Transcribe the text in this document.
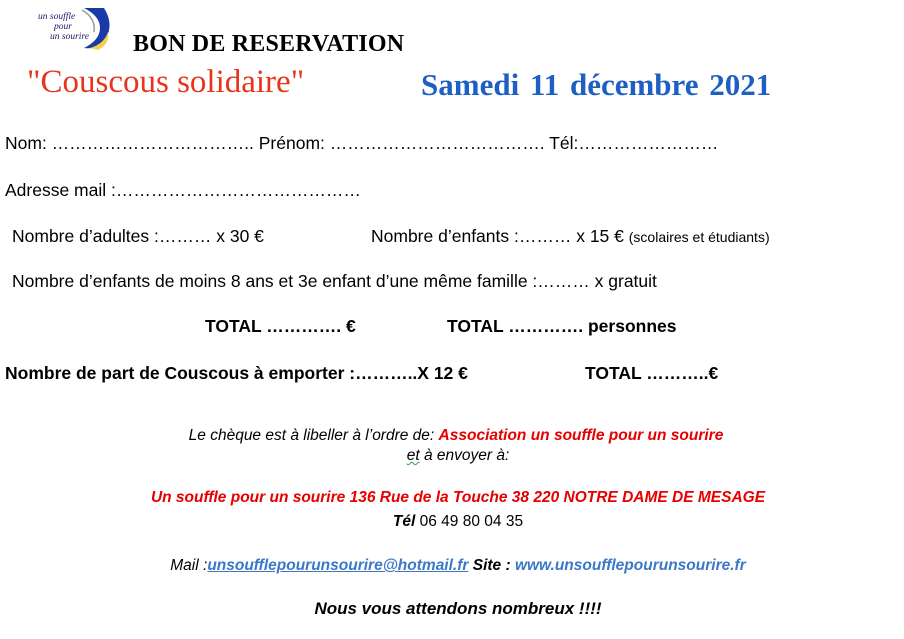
un souffle
pour
un sourire BON DE RESERVATION
"Couscous solidaire"	Samedi 11 décembre 2021
Nom: …………………………….. Prénom: ………………………………. Tél:……………………
Adresse mail :……………………………………
Nombre d’adultes :……… x 30 €	Nombre d’enfants :……… x 15 € (scolaires et étudiants)
Nombre d’enfants de moins 8 ans et 3e enfant d’une même famille :……… x gratuit
TOTAL …………. €	TOTAL …………. personnes
Nombre de part de Couscous à emporter :………..X 12 €	TOTAL ………..€
Le chèque est à libeller à l’ordre de: Association un souffle pour un sourire
et à envoyer à:
Un souffle pour un sourire 136 Rue de la Touche 38 220 NOTRE DAME DE MESAGE
Tél 06 49 80 04 35
Mail :unsoufflepourunsourire@hotmail.fr Site : www.unsoufflepourunsourire.fr
Nous vous attendons nombreux !!!!
